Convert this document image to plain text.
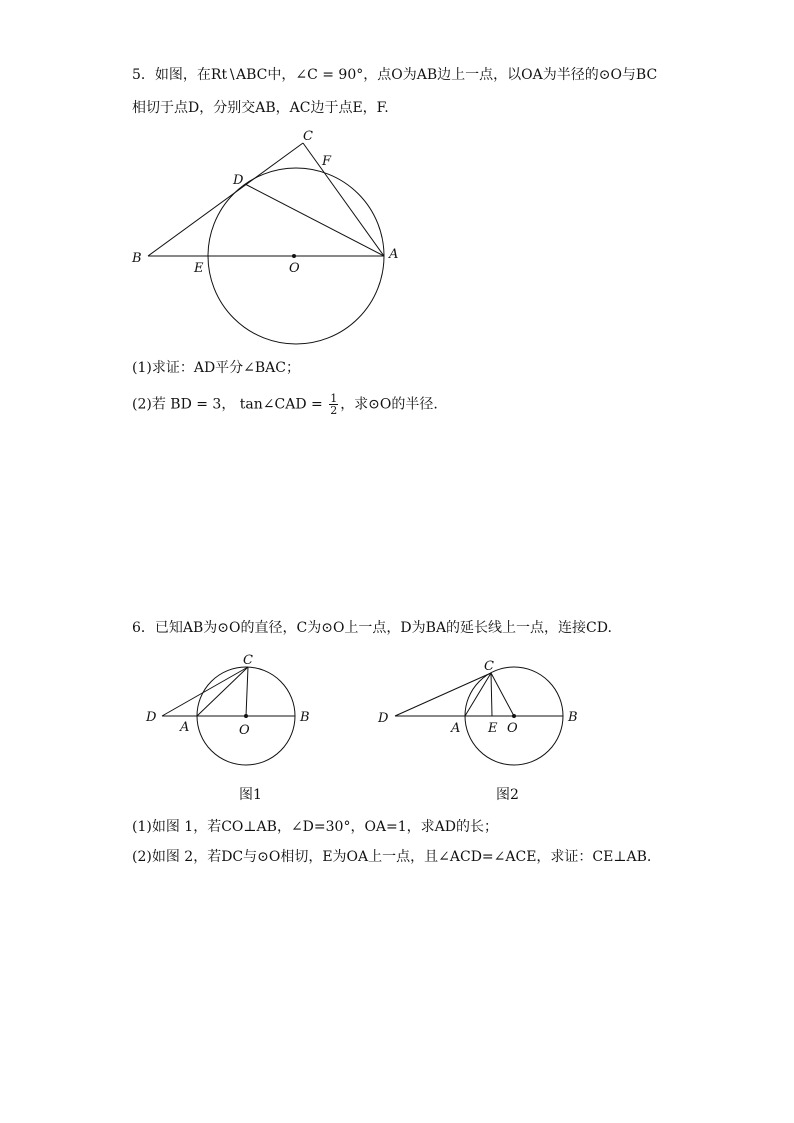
5．如图，在Rt∖ABC中，∠C = 90°，点O为AB边上一点，以OA为半径的⊙O与BC
相切于点D，分别交AB，AC边于点E，F.
C
F
D
B
E	O
A
(1)求证：AD平分∠BAC；
(2)若 BD = 3， tan∠CAD = $\frac{1}{2}$ ，求⊙O的半径.
6．已知AB为⊙O的直径，C为⊙O上一点，D为BA的延长线上一点，连接CD.
C
D
A	O
B
C
D
A E O
B
图1	图2
(1)如图 1，若CO⊥AB，∠D=30°，OA=1，求AD的长；
(2)如图 2，若DC与⊙O相切，E为OA上一点，且∠ACD=∠ACE，求证：CE⊥AB.
